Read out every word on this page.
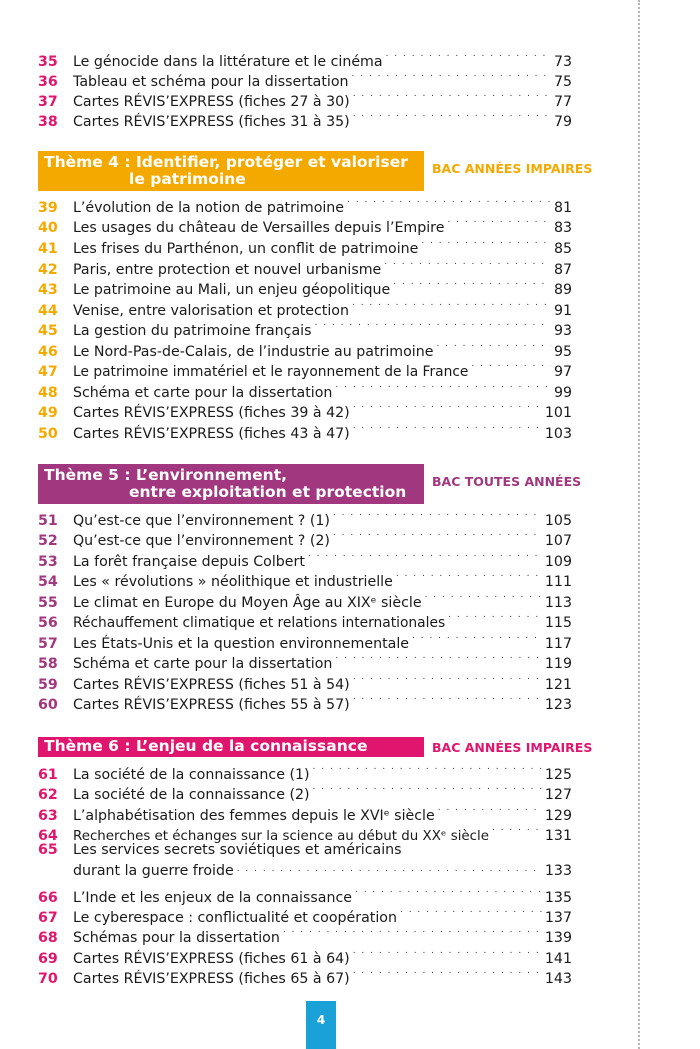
35	Le génocide dans la littérature et le cinéma . . .	73
36	Tableau et schéma pour la dissertation . . .	75
37	Cartes RÉVIS’EXPRESS (fiches 27 à 30) . . .	77
38	Cartes RÉVIS’EXPRESS (fiches 31 à 35) . . .	79
Thème 4 : Identifier, protéger et valoriser
le patrimoine
BAC ANNÉES IMPAIRES
39	L’évolution de la notion de patrimoine . . .	81
40	Les usages du château de Versailles depuis l’Empire . . .	83
41	Les frises du Parthénon, un conflit de patrimoine . . .	85
42	Paris, entre protection et nouvel urbanisme . . .	87
43	Le patrimoine au Mali, un enjeu géopolitique . . .	89
44	Venise, entre valorisation et protection . . .	91
45	La gestion du patrimoine français . . .	93
46	Le Nord-Pas-de-Calais, de l’industrie au patrimoine . . .	95
47	Le patrimoine immatériel et le rayonnement de la France . . .	97
48	Schéma et carte pour la dissertation . . .	99
49	Cartes RÉVIS’EXPRESS (fiches 39 à 42) . . .	101
50	Cartes RÉVIS’EXPRESS (fiches 43 à 47) . . .	103
Thème 5 : L’environnement,
entre exploitation et protection
BAC TOUTES ANNÉES
51	Qu’est-ce que l’environnement ? (1) . . .	105
52	Qu’est-ce que l’environnement ? (2) . . .	107
53	La forêt française depuis Colbert . . .	109
54	Les « révolutions » néolithique et industrielle . . .	111
55	Le climat en Europe du Moyen Âge au XIXᵉ siècle . . .	113
56	Réchauffement climatique et relations internationales . . .	115
57	Les États-Unis et la question environnementale . . .	117
58	Schéma et carte pour la dissertation . . .	119
59	Cartes RÉVIS’EXPRESS (fiches 51 à 54) . . .	121
60	Cartes RÉVIS’EXPRESS (fiches 55 à 57) . . .	123
Thème 6 : L’enjeu de la connaissance	BAC ANNÉES IMPAIRES
61	La société de la connaissance (1) . . .	125
62	La société de la connaissance (2) . . .	127
63	L’alphabétisation des femmes depuis le XVIᵉ siècle . . .	129
64	Recherches et échanges sur la science au début du XXᵉ siècle . . .	131
65	Les services secrets soviétiques et américains
durant la guerre froide . . .	133
66	L’Inde et les enjeux de la connaissance . . .	135
67	Le cyberespace : conflictualité et coopération . . .	137
68	Schémas pour la dissertation . . .	139
69	Cartes RÉVIS’EXPRESS (fiches 61 à 64) . . .	141
70	Cartes RÉVIS’EXPRESS (fiches 65 à 67) . . .	143
4
